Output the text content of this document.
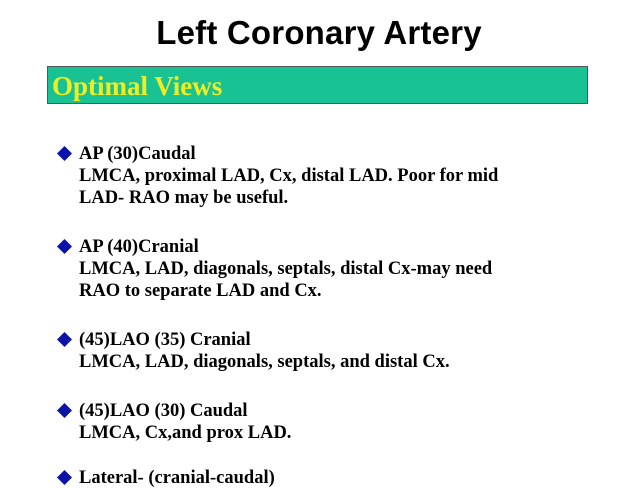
Left Coronary Artery
Optimal Views
AP (30)Caudal
LMCA, proximal LAD, Cx, distal LAD. Poor for mid
LAD- RAO may be useful.
AP (40)Cranial
LMCA, LAD, diagonals, septals, distal Cx-may need
RAO to separate LAD and Cx.
(45)LAO (35) Cranial
LMCA, LAD, diagonals, septals, and distal Cx.
(45)LAO (30) Caudal
LMCA, Cx,and prox LAD.
Lateral- (cranial-caudal)
